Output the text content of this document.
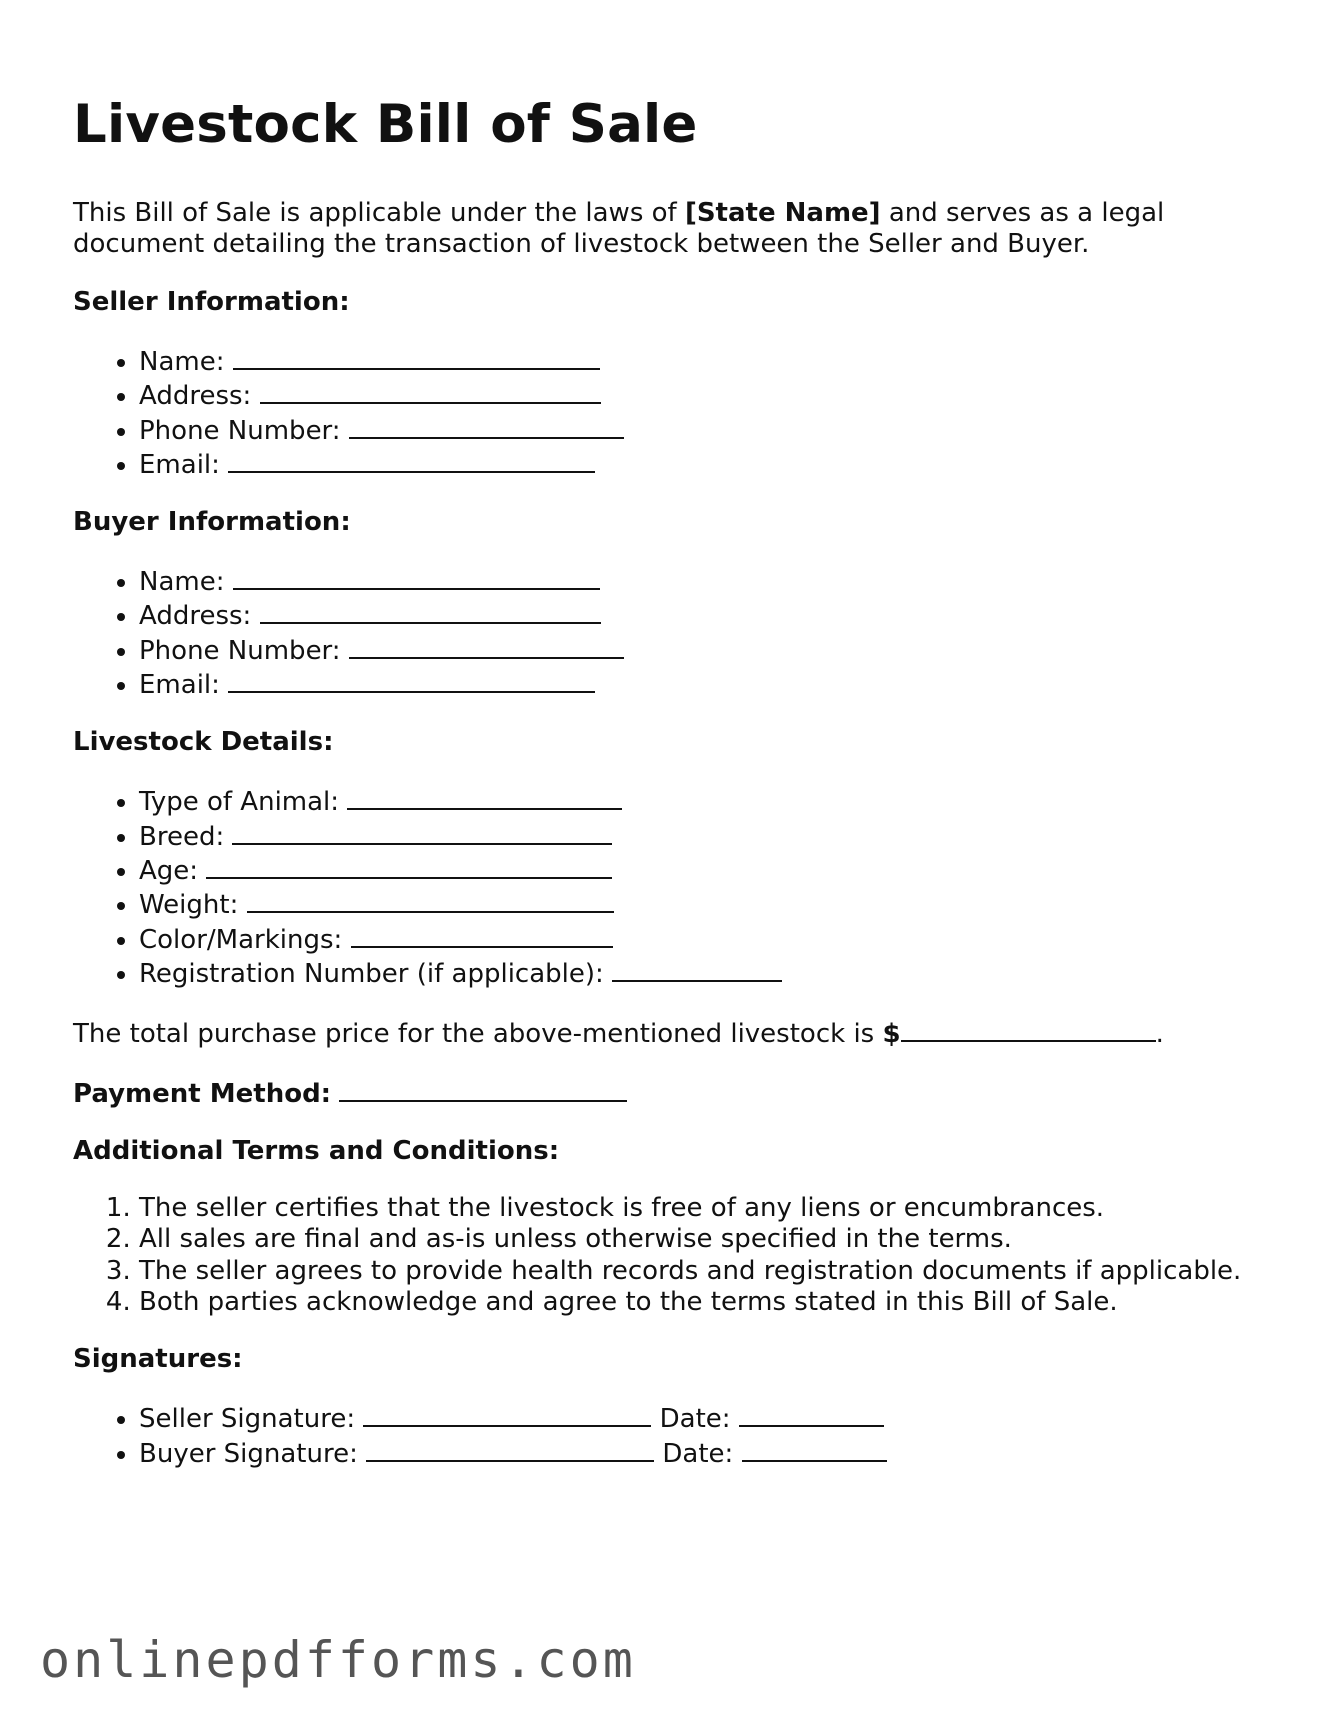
Livestock Bill of Sale

This Bill of Sale is applicable under the laws of [State Name] and serves as a legal document detailing the transaction of livestock between the Seller and Buyer.

Seller Information:
• Name:
• Address:
• Phone Number:
• Email:
Buyer Information:
• Name:
• Address:
• Phone Number:
• Email:
Livestock Details:
• Type of Animal:
• Breed:
• Age:
• Weight:
• Color/Markings:
• Registration Number (if applicable):

The total purchase price for the above-mentioned livestock is $	.

Payment Method:

Additional Terms and Conditions:
1. The seller certifies that the livestock is free of any liens or encumbrances.
2. All sales are final and as-is unless otherwise specified in the terms.
3. The seller agrees to provide health records and registration documents if applicable.
4. Both parties acknowledge and agree to the terms stated in this Bill of Sale.
Signatures:
• Seller Signature:	Date:
• Buyer Signature:	Date:
onlinepdfforms.com
